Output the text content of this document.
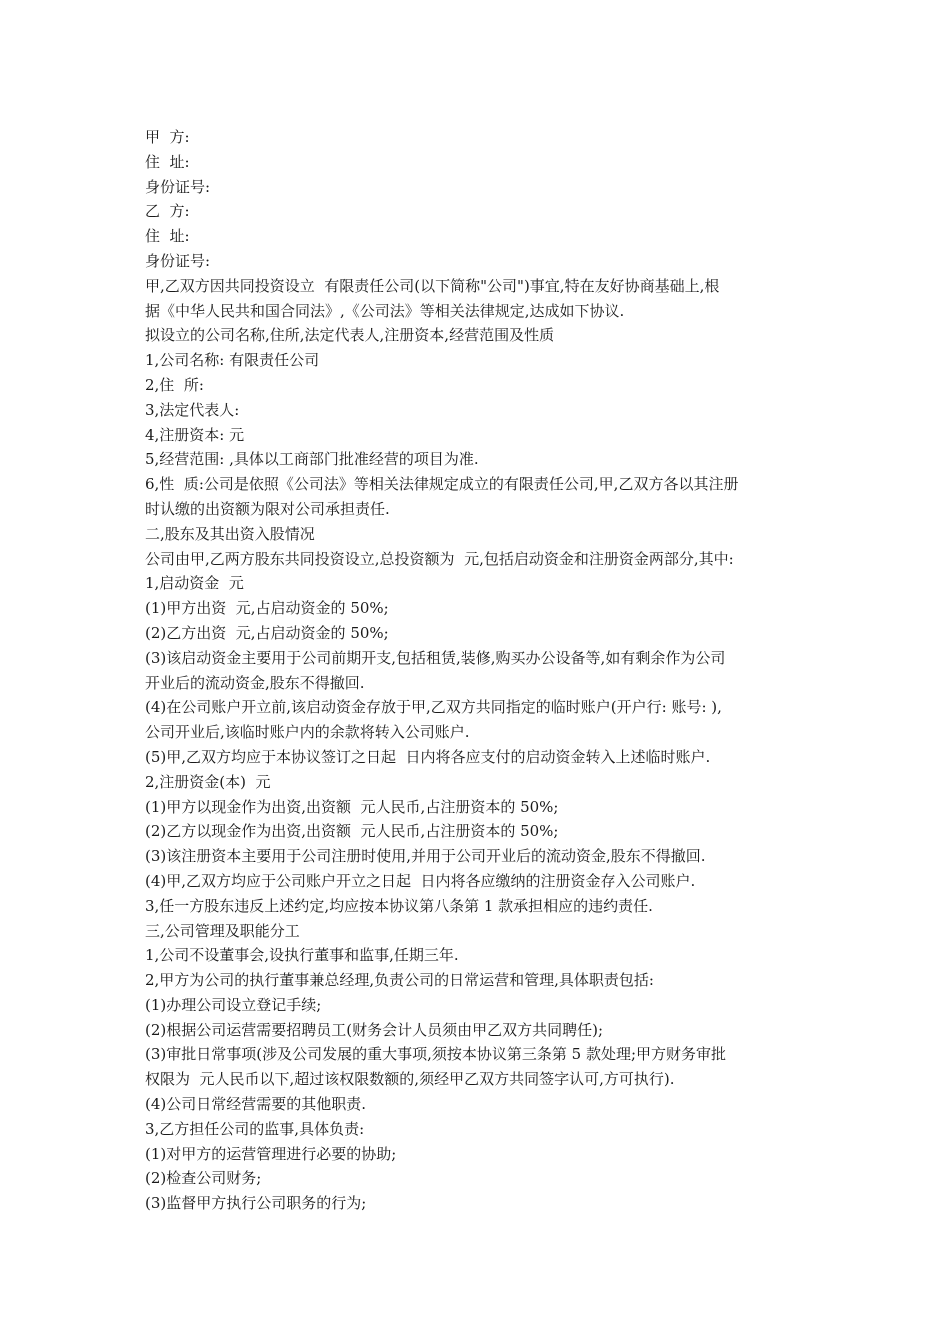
甲  方:
住  址:
身份证号:
乙  方:
住  址:
身份证号:
甲,乙双方因共同投资设立  有限责任公司(以下简称"公司")事宜,特在友好协商基础上,根
据《中华人民共和国合同法》,《公司法》等相关法律规定,达成如下协议.
拟设立的公司名称,住所,法定代表人,注册资本,经营范围及性质
1,公司名称: 有限责任公司
2,住  所:
3,法定代表人:
4,注册资本: 元
5,经营范围: ,具体以工商部门批准经营的项目为准.
6,性  质:公司是依照《公司法》等相关法律规定成立的有限责任公司,甲,乙双方各以其注册
时认缴的出资额为限对公司承担责任.
二,股东及其出资入股情况
公司由甲,乙两方股东共同投资设立,总投资额为  元,包括启动资金和注册资金两部分,其中:
1,启动资金  元
(1)甲方出资  元,占启动资金的 50%;
(2)乙方出资  元,占启动资金的 50%;
(3)该启动资金主要用于公司前期开支,包括租赁,装修,购买办公设备等,如有剩余作为公司
开业后的流动资金,股东不得撤回.
(4)在公司账户开立前,该启动资金存放于甲,乙双方共同指定的临时账户(开户行: 账号: ),
公司开业后,该临时账户内的余款将转入公司账户.
(5)甲,乙双方均应于本协议签订之日起  日内将各应支付的启动资金转入上述临时账户.
2,注册资金(本)  元
(1)甲方以现金作为出资,出资额  元人民币,占注册资本的 50%;
(2)乙方以现金作为出资,出资额  元人民币,占注册资本的 50%;
(3)该注册资本主要用于公司注册时使用,并用于公司开业后的流动资金,股东不得撤回.
(4)甲,乙双方均应于公司账户开立之日起  日内将各应缴纳的注册资金存入公司账户.
3,任一方股东违反上述约定,均应按本协议第八条第 1 款承担相应的违约责任.
三,公司管理及职能分工
1,公司不设董事会,设执行董事和监事,任期三年.
2,甲方为公司的执行董事兼总经理,负责公司的日常运营和管理,具体职责包括:
(1)办理公司设立登记手续;
(2)根据公司运营需要招聘员工(财务会计人员须由甲乙双方共同聘任);
(3)审批日常事项(涉及公司发展的重大事项,须按本协议第三条第 5 款处理;甲方财务审批
权限为  元人民币以下,超过该权限数额的,须经甲乙双方共同签字认可,方可执行).
(4)公司日常经营需要的其他职责.
3,乙方担任公司的监事,具体负责:
(1)对甲方的运营管理进行必要的协助;
(2)检查公司财务;
(3)监督甲方执行公司职务的行为;
